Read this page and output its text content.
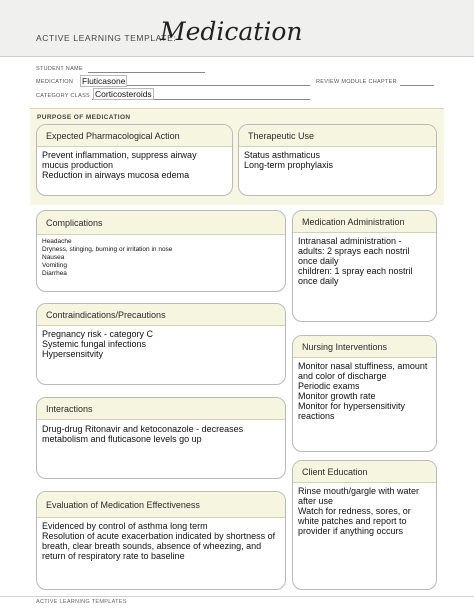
ACTIVE LEARNING TEMPLATE:
Medication
STUDENT NAME
MEDICATION Fluticasone	REVIEW MODULE CHAPTER
CATEGORY CLASS Corticosteroids
PURPOSE OF MEDICATION
Expected Pharmacological Action
Prevent inflammation, suppress airway
mucus production
Reduction in airways mucosa edema
Therapeutic Use
Status asthmaticus
Long-term prophylaxis
Complications
Headache
Dryness, stinging, burning or irritation in nose
Nausea
Vomiting
Diarrhea
Medication Administration
Intranasal administration -
adults: 2 sprays each nostril
once daily
children: 1 spray each nostril
once daily
Contraindications/Precautions
Pregnancy risk - category C
Systemic fungal infections
Hypersensitvity
Nursing Interventions
Monitor nasal stuffiness, amount
and color of discharge
Periodic exams
Monitor growth rate
Monitor for hypersensitivity
reactions
Interactions
Drug-drug Ritonavir and ketoconazole - decreases
metabolism and fluticasone levels go up
Client Education
Rinse mouth/gargle with water
after use
Watch for redness, sores, or
white patches and report to
provider if anything occurs
Evaluation of Medication Effectiveness
Evidenced by control of asthma long term
Resolution of acute exacerbation indicated by shortness of
breath, clear breath sounds, absence of wheezing, and
return of respiratory rate to baseline
ACTIVE LEARNING TEMPLATES
